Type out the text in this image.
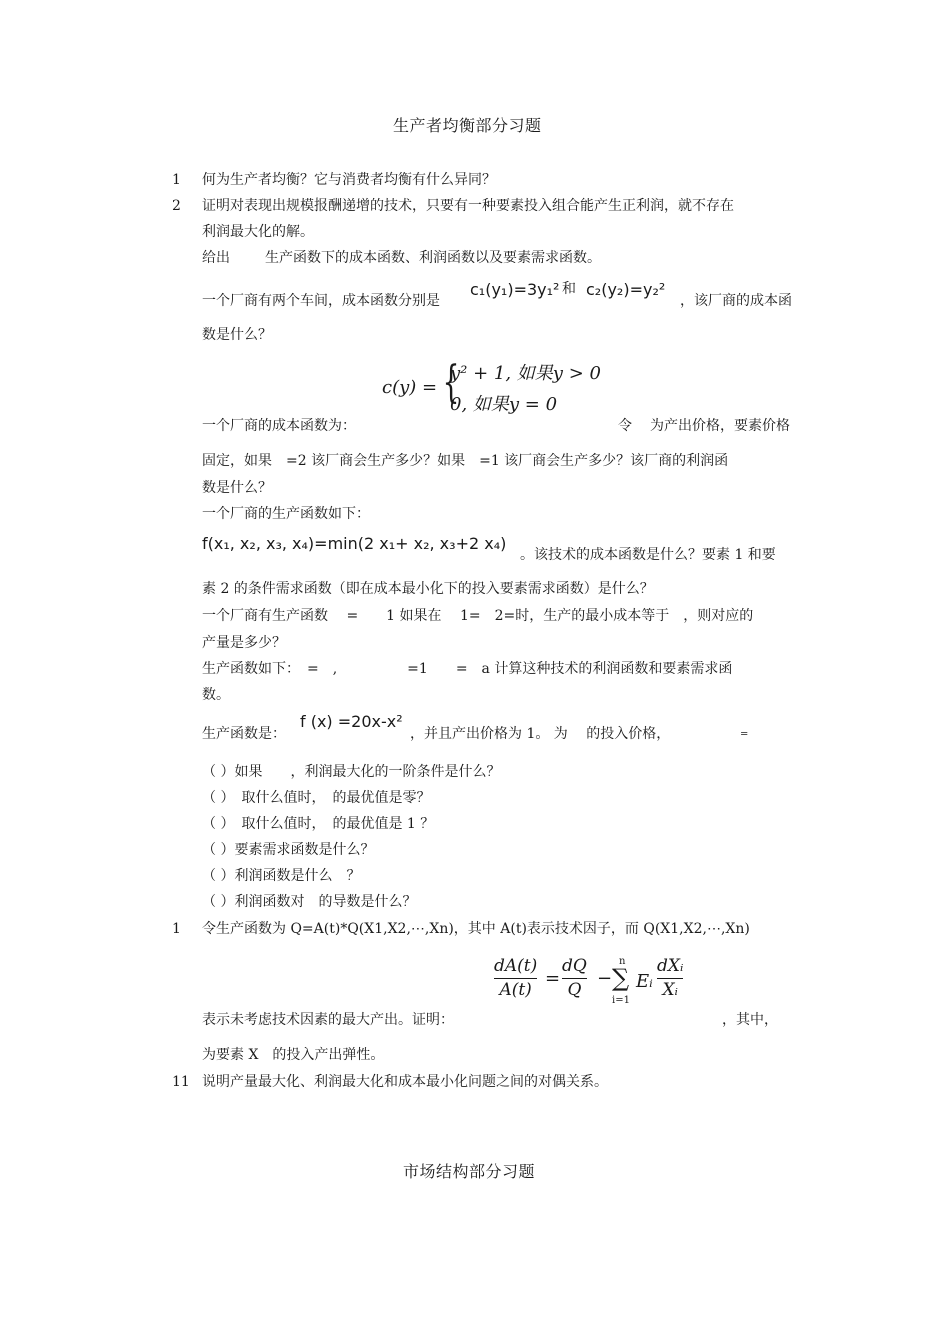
生产者均衡部分习题
1 何为生产者均衡？它与消费者均衡有什么异同？
2 证明对表现出规模报酬递增的技术，只要有一种要素投入组合能产生正利润，就不存在
利润最大化的解。
给出	生产函数下的成本函数、利润函数以及要素需求函数。
一个厂商有两个车间，成本函数分别是
c₁(y₁)=3y₁² 和 c₂(y₂)=y₂²
，该厂商的成本函
数是什么？
c(y) = {
y² + 1, 如果y > 0
0, 如果y = 0
一个厂商的成本函数为：	令 为产出价格，要素价格
固定，如果　=2 该厂商会生产多少？如果　=1 该厂商会生产多少？该厂商的利润函
数是什么？
一个厂商的生产函数如下：
f(x₁, x₂, x₃, x₄)=min(2 x₁+ x₂, x₃+2 x₄)
。该技术的成本函数是什么？要素 1 和要
素 2 的条件需求函数（即在成本最小化下的投入要素需求函数）是什么？
一个厂商有生产函数　 =　　1 如果在　 1=　2=时，生产的最小成本等于　，则对应的
产量是多少？
生产函数如下：　=　,　　　　　=1　　=　a 计算这种技术的利润函数和要素需求函
数。
生产函数是：
f (x) =20x-x²
，并且产出价格为 1。 为　 的投入价格，	=
（ ）如果　　，利润最大化的一阶条件是什么？
（ ）　取什么值时，　的最优值是零？
（ ）　取什么值时，　的最优值是 1 ？
（ ）要素需求函数是什么？
（ ）利润函数是什么　？
（ ）利润函数对　的导数是什么？
1 令生产函数为 Q=A(t)*Q(X1,X2,⋯,Xn)，其中 A(t)表示技术因子，而 Q(X1,X2,⋯,Xn)
dA(t)
A(t)
=
dQ
Q
−
n
∑
i=1
Eᵢ
dXᵢ
Xᵢ
表示未考虑技术因素的最大产出。证明：	，其中，
为要素 X　的投入产出弹性。
11 说明产量最大化、利润最大化和成本最小化问题之间的对偶关系。
市场结构部分习题
